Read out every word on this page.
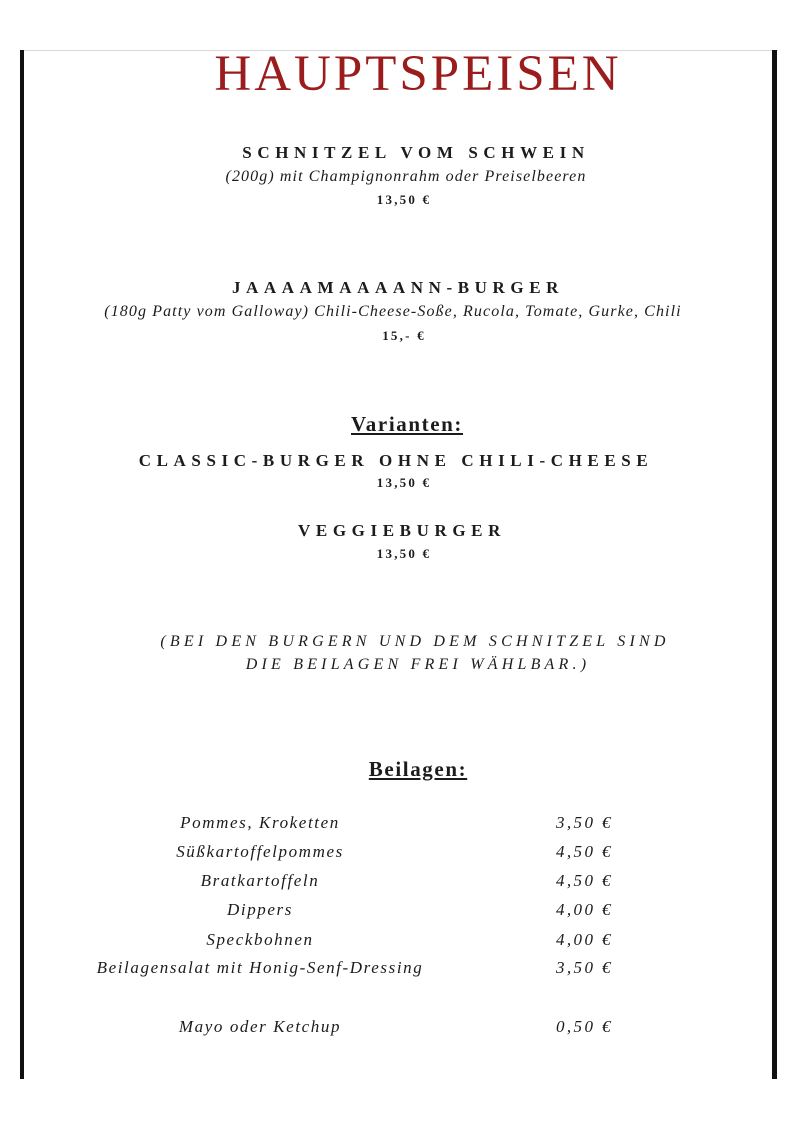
HAUPTSPEISEN
SCHNITZEL VOM SCHWEIN
(200g) mit Champignonrahm oder Preiselbeeren
13,50 €
JAAAAMAAAANN-BURGER
(180g Patty vom Galloway) Chili-Cheese-Soße, Rucola, Tomate, Gurke, Chili
15,- €
Varianten:
CLASSIC-BURGER OHNE CHILI-CHEESE
13,50 €
VEGGIEBURGER
13,50 €
(BEI DEN BURGERN UND DEM SCHNITZEL SIND
DIE BEILAGEN FREI WÄHLBAR.)
Beilagen:
Pommes, Kroketten	3,50 €
Süßkartoffelpommes	4,50 €
Bratkartoffeln	4,50 €
Dippers	4,00 €
Speckbohnen	4,00 €
Beilagensalat mit Honig-Senf-Dressing	3,50 €
Mayo oder Ketchup	0,50 €
